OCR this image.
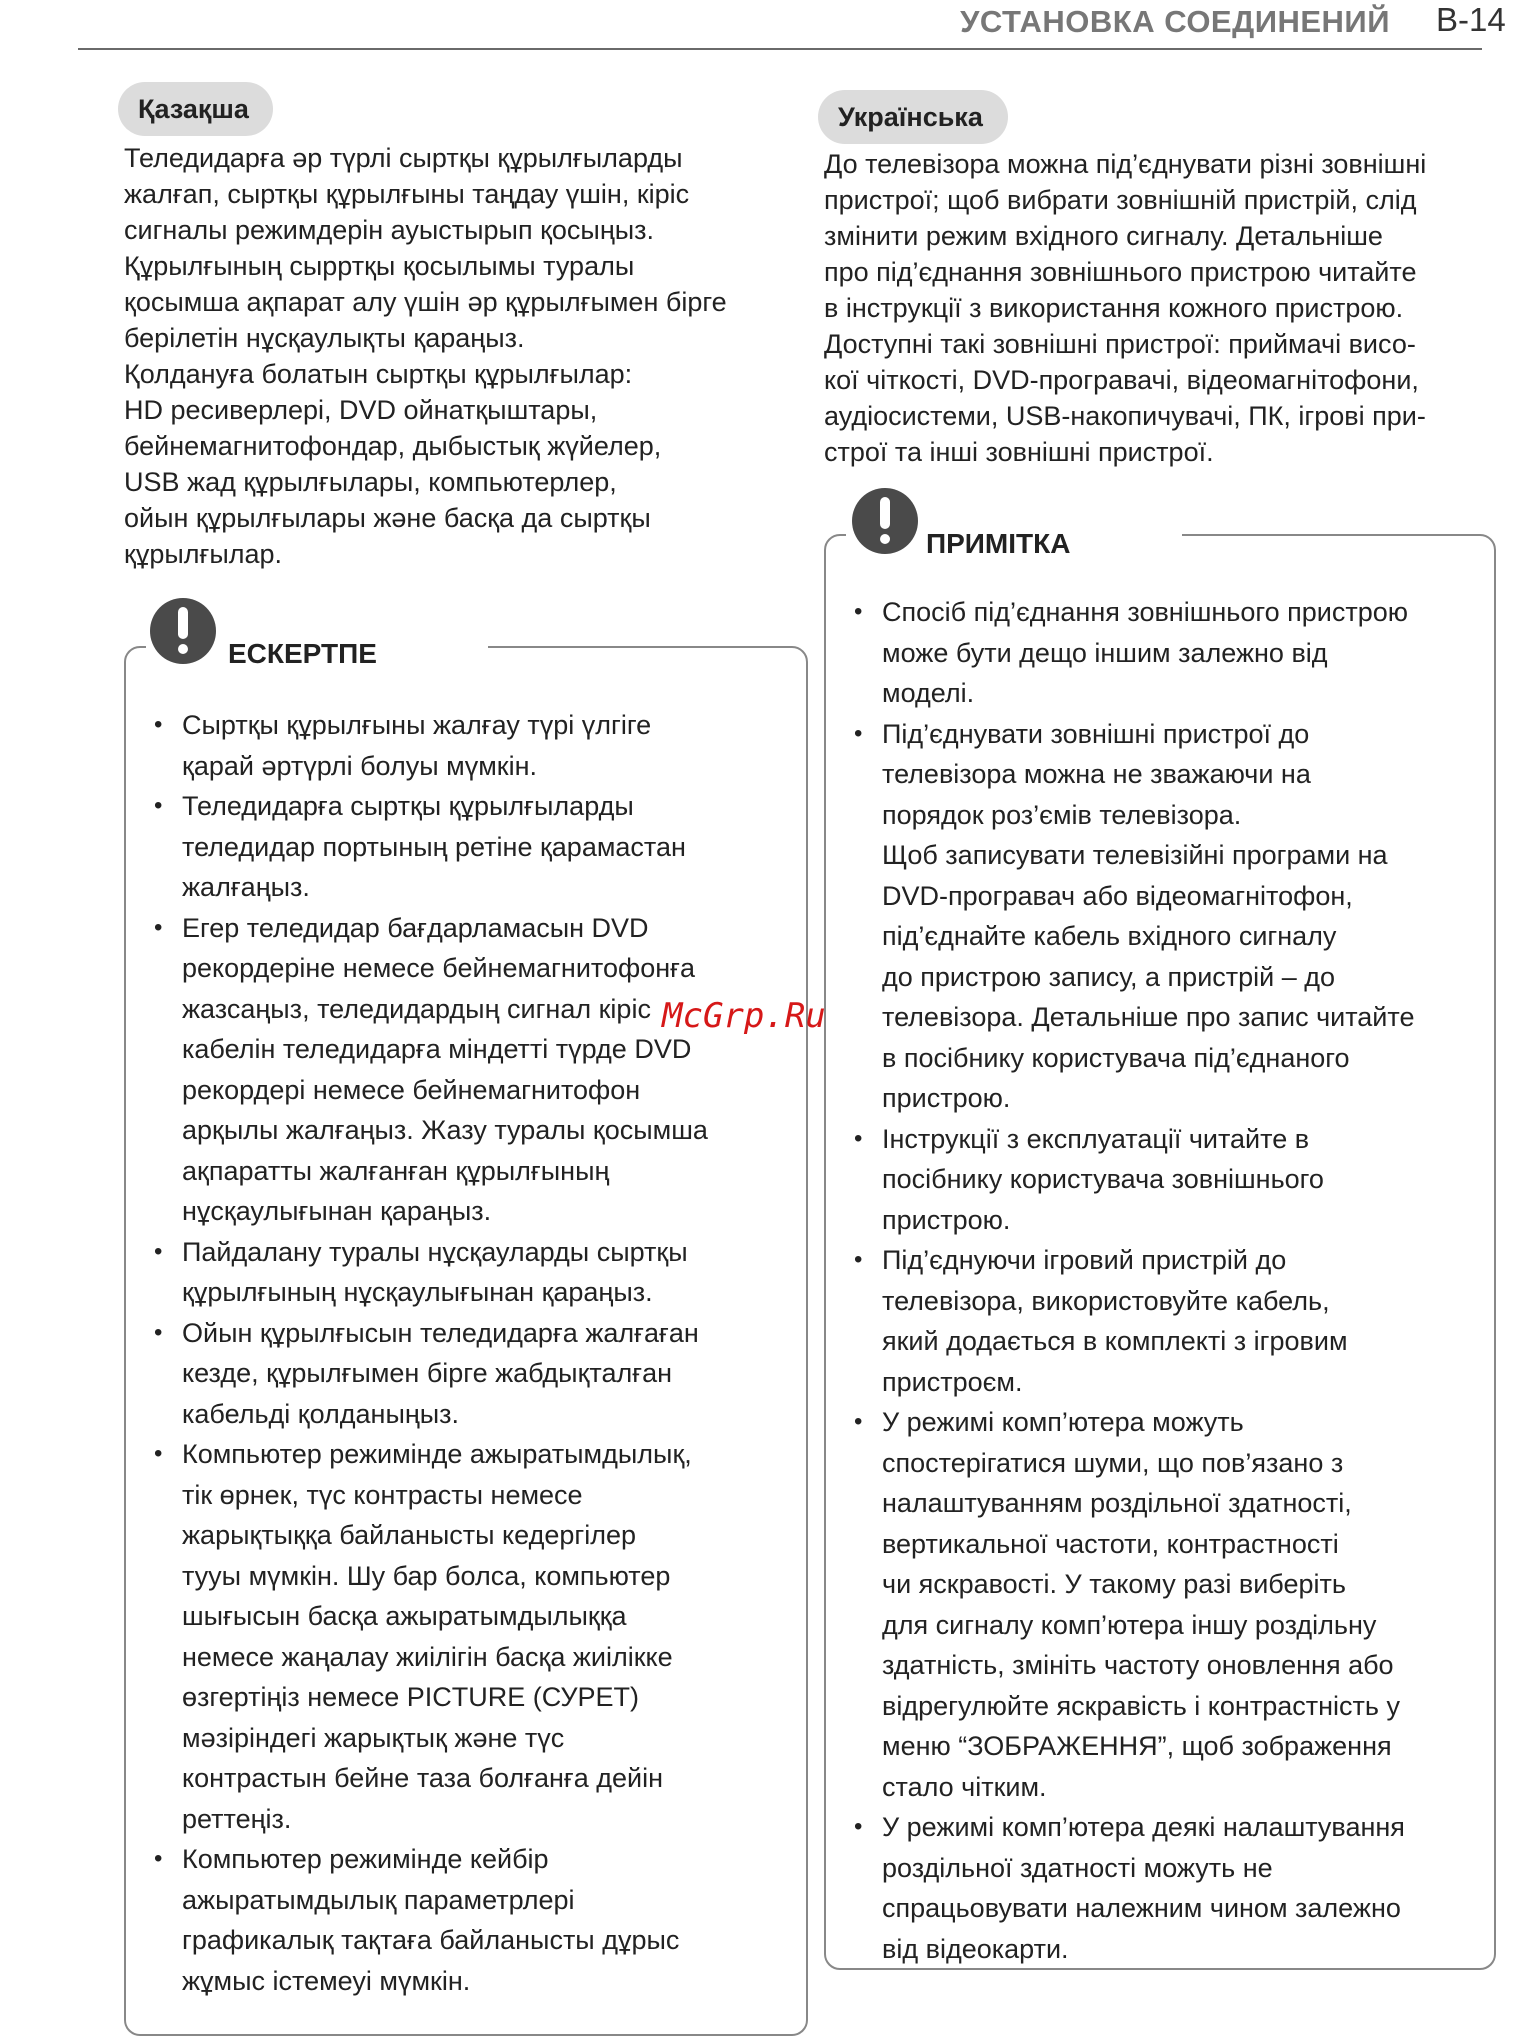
УСТАНОВКА СОЕДИНЕНИЙ В-14
Қазақша

Теледидарға әр түрлі сыртқы құрылғыларды
жалғап, сыртқы құрылғыны таңдау үшін, кіріс
сигналы режимдерін ауыстырып қосыңыз.
Құрылғының сырртқы қосылымы туралы
қосымша ақпарат алу үшін әр құрылғымен бірге
берілетін нұсқаулықты қараңыз.
Қолдануға болатын сыртқы құрылғылар:
HD ресиверлері, DVD ойнатқыштары,
бейнемагнитофондар, дыбыстық жүйелер,
USB жад құрылғылары, компьютерлер,
ойын құрылғылары және басқа да сыртқы
құрылғылар.

ЕСКЕРТПЕ
• Сыртқы құрылғыны жалғау түрі үлгіге
қарай әртүрлі болуы мүмкін.
• Теледидарға сыртқы құрылғыларды
теледидар портының ретіне қарамастан
жалғаңыз.
• Егер теледидар бағдарламасын DVD
рекордеріне немесе бейнемагнитофонға
жазсаңыз, теледидардың сигнал кіріс
кабелін теледидарға міндетті түрде DVD
рекордері немесе бейнемагнитофон
арқылы жалғаңыз. Жазу туралы қосымша
ақпаратты жалғанған құрылғының
нұсқаулығынан қараңыз.
• Пайдалану туралы нұсқауларды сыртқы
құрылғының нұсқаулығынан қараңыз.
• Ойын құрылғысын теледидарға жалғаған
кезде, құрылғымен бірге жабдықталған
кабельді қолданыңыз.
• Компьютер режимінде ажыратымдылық,
тік өрнек, түс контрасты немесе
жарықтыққа байланысты кедергілер
тууы мүмкін. Шу бар болса, компьютер
шығысын басқа ажыратымдылыққа
немесе жаңалау жиілігін басқа жиілікке
өзгертіңіз немесе PICTURE (СУРЕТ)
мәзіріндегі жарықтық және түс
контрастын бейне таза болғанға дейін
реттеңіз.
• Компьютер режимінде кейбір
ажыратымдылық параметрлері
графикалық тақтаға байланысты дұрыс
жұмыс істемеуі мүмкін.
Українська

До телевізора можна під’єднувати різні зовнішні
пристрої; щоб вибрати зовнішній пристрій, слід
змінити режим вхідного сигналу. Детальніше
про під’єднання зовнішнього пристрою читайте
в інструкції з використання кожного пристрою.
Доступні такі зовнішні пристрої: приймачі висо-
кої чіткості, DVD-програвачі, відеомагнітофони,
аудіосистеми, USB-накопичувачі, ПК, ігрові при-
строї та інші зовнішні пристрої.

ПРИМІТКА
• Спосіб під’єднання зовнішнього пристрою
може бути дещо іншим залежно від
моделі.
• Під’єднувати зовнішні пристрої до
телевізора можна не зважаючи на
порядок роз’ємів телевізора.
Щоб записувати телевізійні програми на
DVD-програвач або відеомагнітофон,
під’єднайте кабель вхідного сигналу
до пристрою запису, а пристрій – до
телевізора. Детальніше про запис читайте
в посібнику користувача під’єднаного
пристрою.
• Інструкції з експлуатації читайте в
посібнику користувача зовнішнього
пристрою.
• Під’єднуючи ігровий пристрій до
телевізора, використовуйте кабель,
який додається в комплекті з ігровим
пристроєм.
• У режимі комп’ютера можуть
спостерігатися шуми, що пов’язано з
налаштуванням роздільної здатності,
вертикальної частоти, контрастності
чи яскравості. У такому разі виберіть
для сигналу комп’ютера іншу роздільну
здатність, змініть частоту оновлення або
відрегулюйте яскравість і контрастність у
меню “ЗОБРАЖЕННЯ”, щоб зображення
стало чітким.
• У режимі комп’ютера деякі налаштування
роздільної здатності можуть не
спрацьовувати належним чином залежно
від відеокарти.
McGrp.Ru
